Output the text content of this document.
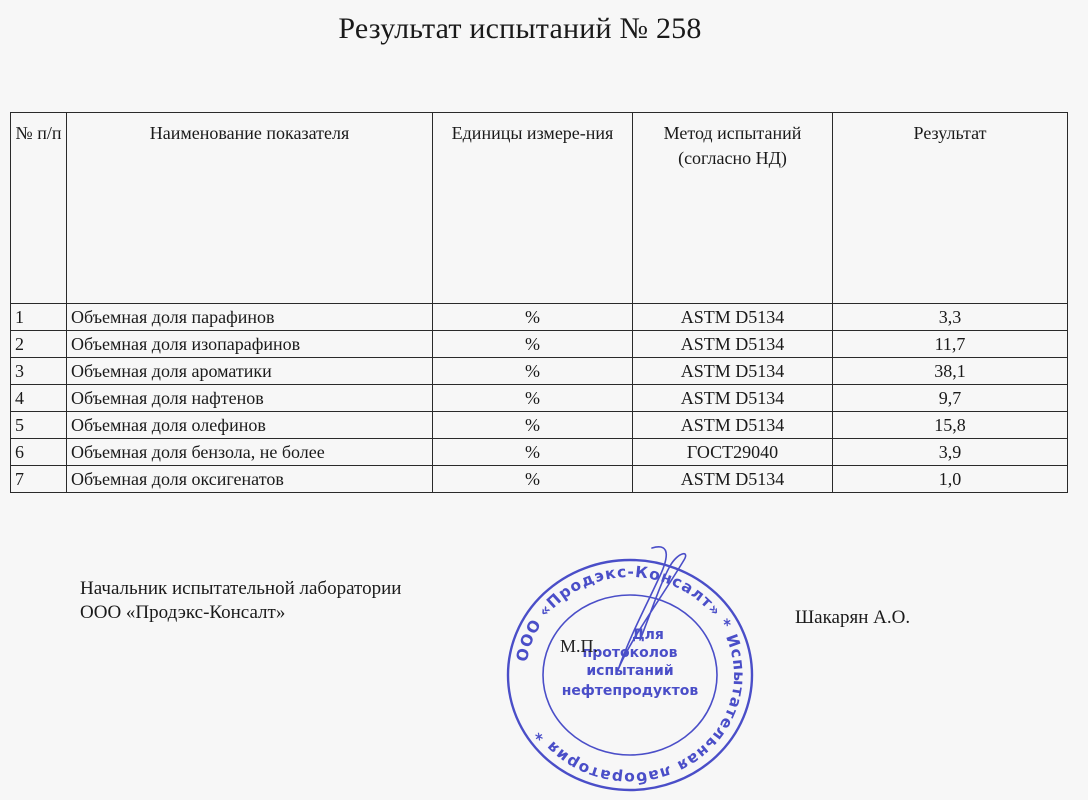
Результат испытаний № 258
№ п/п	Наименование показателя	Единицы измере-ния	Метод испытаний (согласно НД)	Результат
1	Объемная доля парафинов	%	ASTM D5134	3,3
2	Объемная доля изопарафинов	%	ASTM D5134	11,7
3	Объемная доля ароматики	%	ASTM D5134	38,1
4	Объемная доля нафтенов	%	ASTM D5134	9,7
5	Объемная доля олефинов	%	ASTM D5134	15,8
6	Объемная доля бензола, не более	%	ГОСТ29040	3,9
7	Объемная доля оксигенатов	%	ASTM D5134	1,0
Начальник испытательной лаборатории
ООО «Продэкс-Консалт»	Шакарян А.О.
ООО «Продэкс-Консалт» * Испытательная лаборатория *
Для
протоколов
испытаний
нефтепродуктов
М.П.
